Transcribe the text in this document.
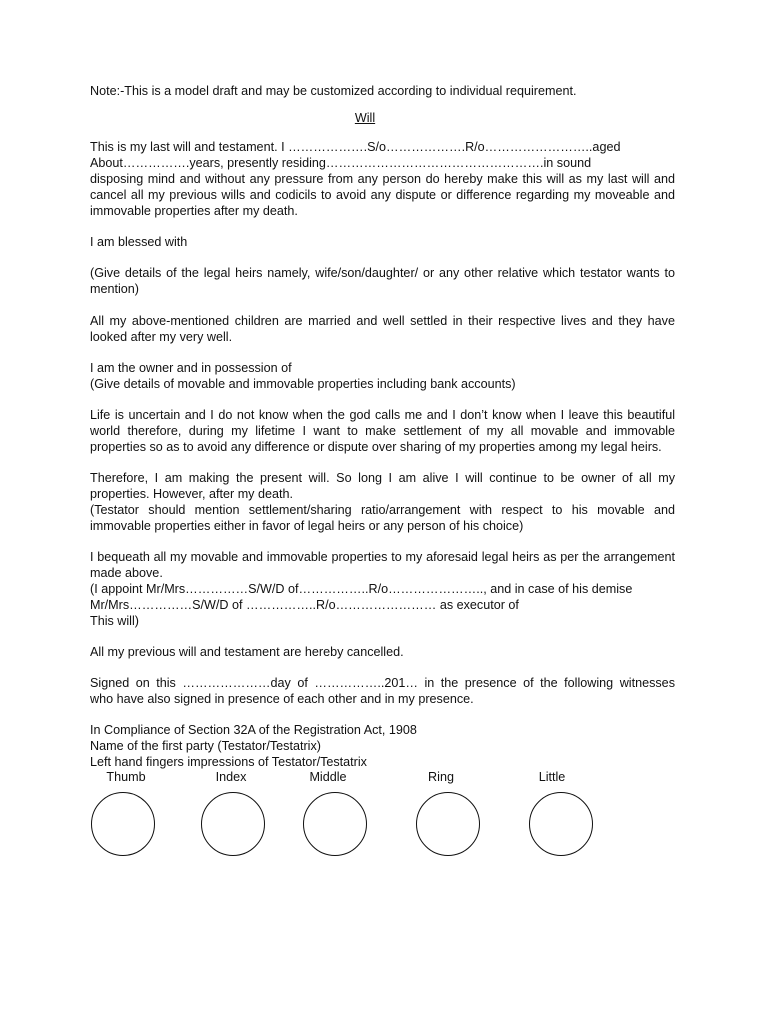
Note:-This is a model draft and may be customized according to individual requirement.
Will
This is my last will and testament. I ……………….S/o……………….R/o……………………..aged
About…………….years, presently residing…………………………………………….in sound
disposing mind and without any pressure from any person do hereby make this will as my last will and
cancel all my previous wills and codicils to avoid any dispute or difference regarding my moveable and
immovable properties after my death.
I am blessed with
(Give details of the legal heirs namely, wife/son/daughter/ or any other relative which testator wants to
mention)
All my above-mentioned children are married and well settled in their respective lives and they have
looked after my very well.
I am the owner and in possession of
(Give details of movable and immovable properties including bank accounts)
Life is uncertain and I do not know when the god calls me and I don’t know when I leave this beautiful
world therefore, during my lifetime I want to make settlement of my all movable and immovable
properties so as to avoid any difference or dispute over sharing of my properties among my legal heirs.
Therefore, I am making the present will. So long I am alive I will continue to be owner of all my
properties. However, after my death.
(Testator should mention settlement/sharing ratio/arrangement with respect to his movable and
immovable properties either in favor of legal heirs or any person of his choice)
I bequeath all my movable and immovable properties to my aforesaid legal heirs as per the arrangement
made above.
(I appoint Mr/Mrs……………S/W/D of……………..R/o………………….., and in case of his demise
Mr/Mrs……………S/W/D of ……………..R/o…………………… as executor of
This will)
All my previous will and testament are hereby cancelled.
Signed on this …………………day of ……………..201… in the presence of the following witnesses
who have also signed in presence of each other and in my presence.
In Compliance of Section 32A of the Registration Act, 1908
Name of the first party (Testator/Testatrix)
Left hand fingers impressions of Testator/Testatrix
Thumb	Index	Middle	Ring	Little
